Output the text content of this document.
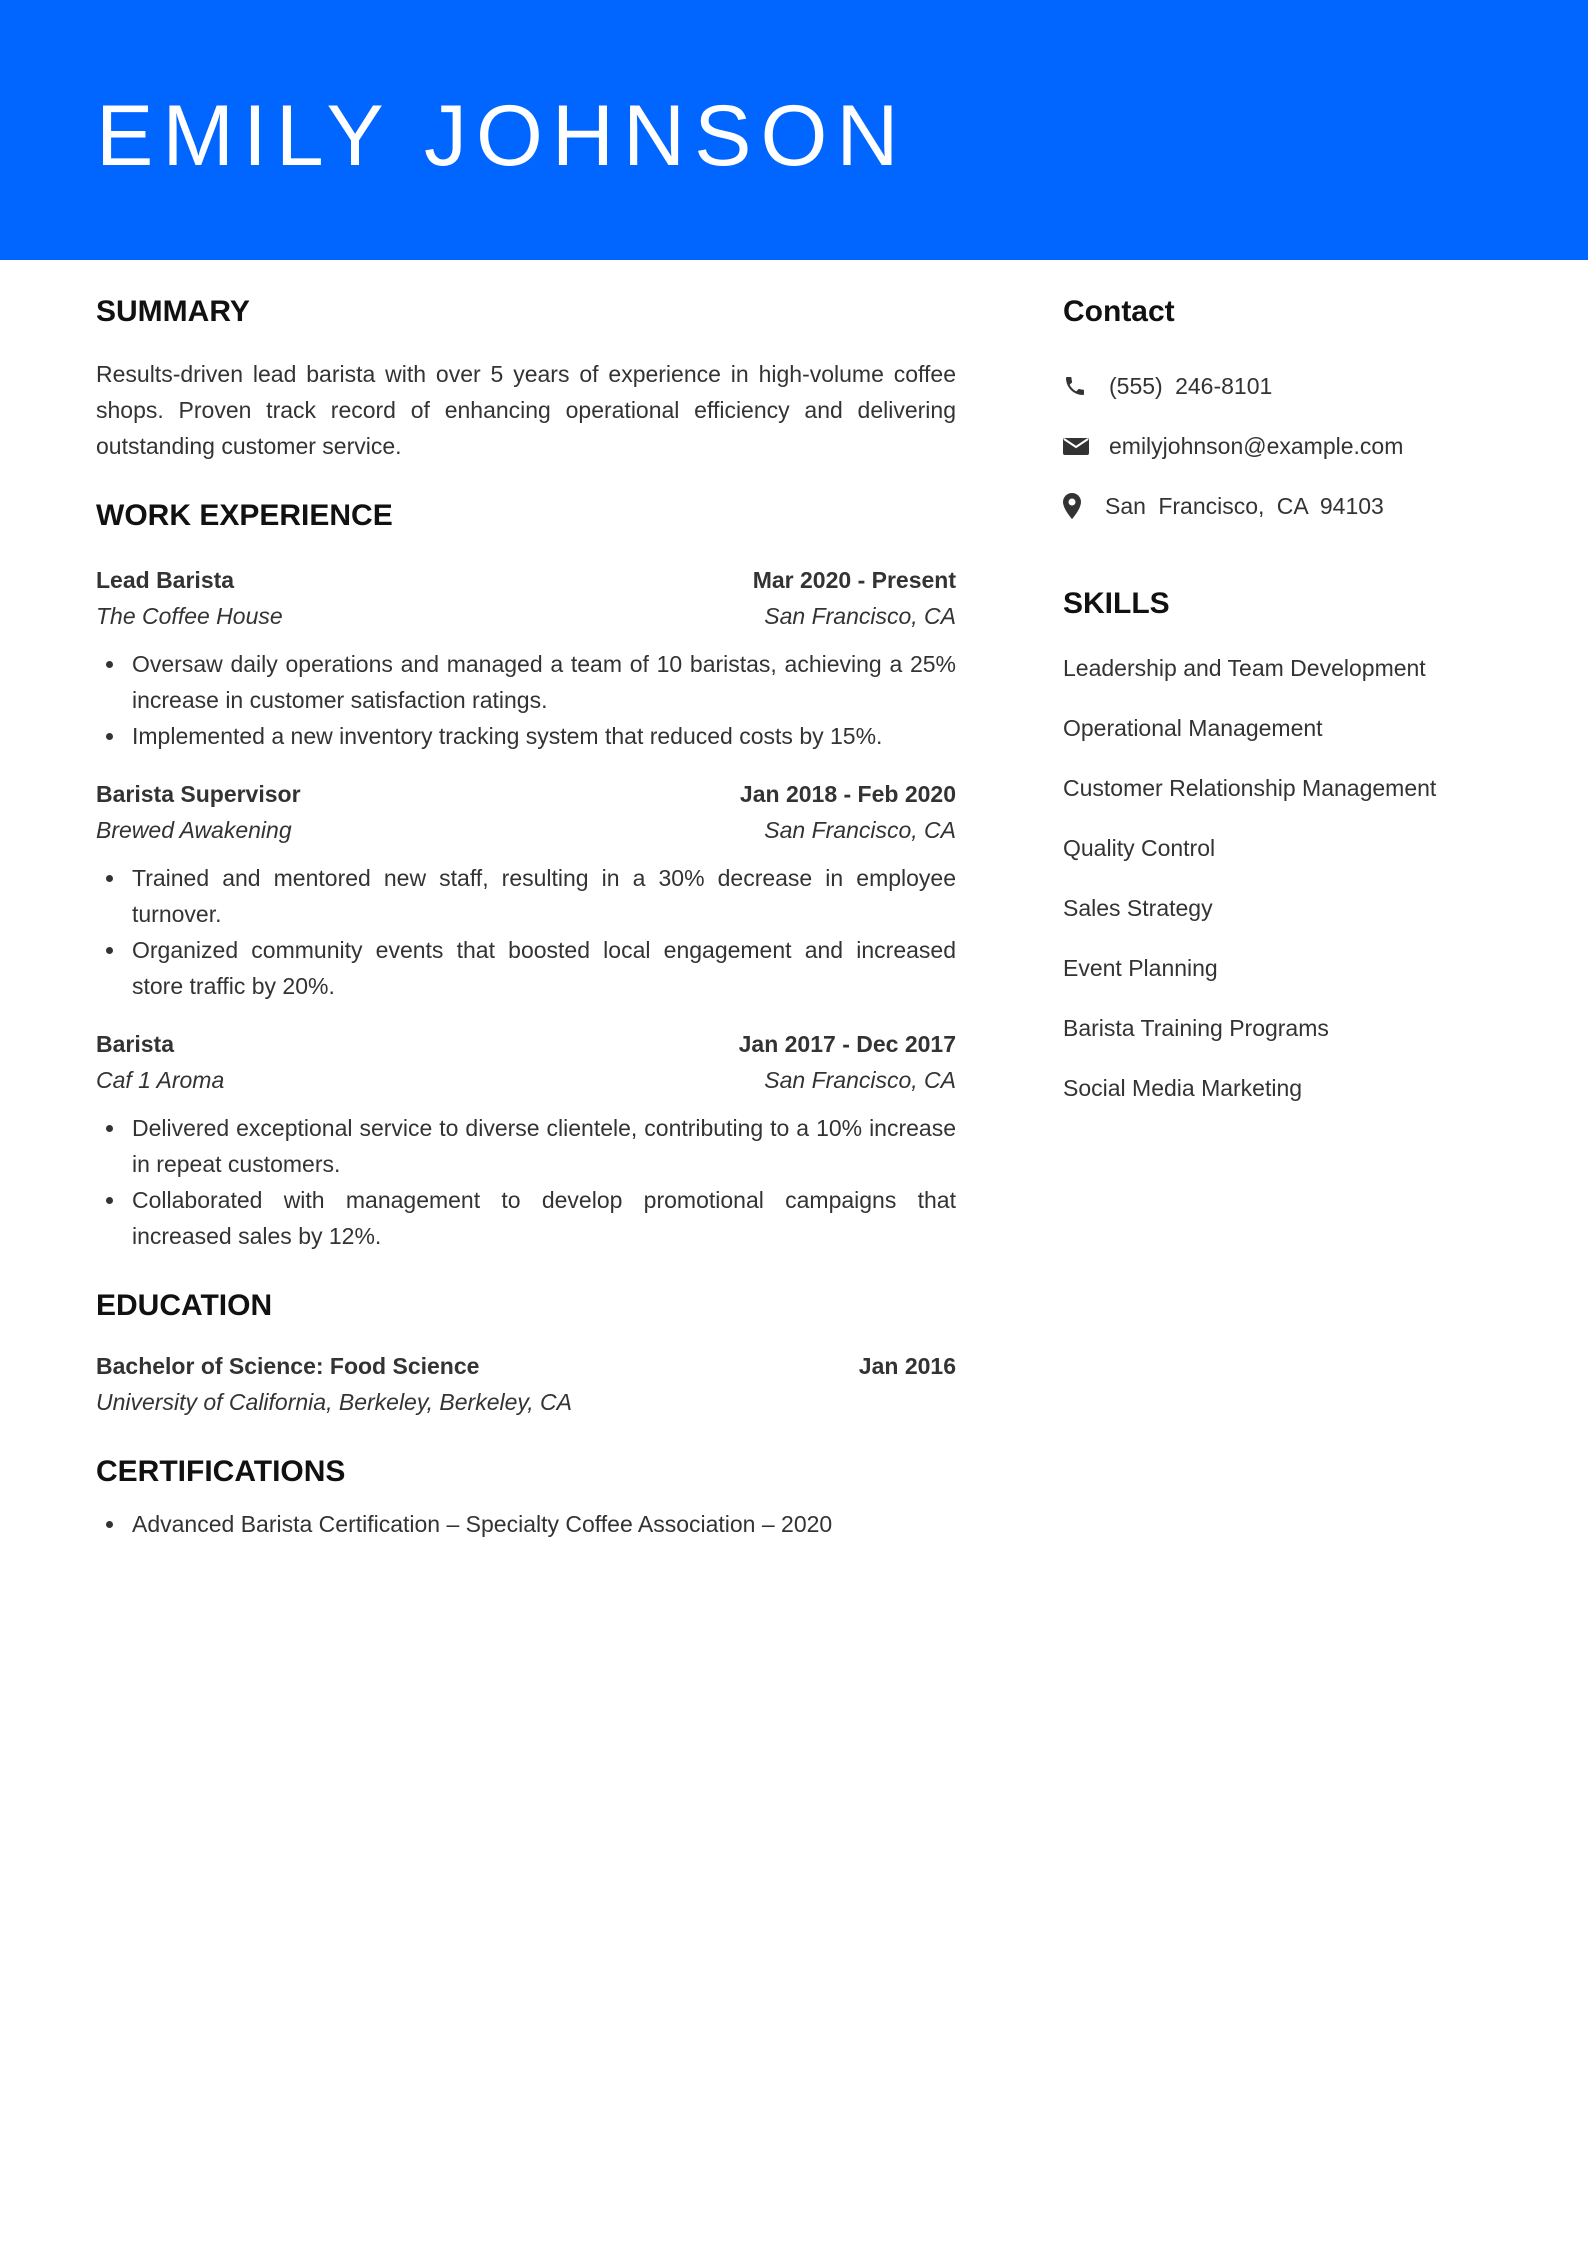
EMILY JOHNSON
SUMMARY

Results-driven lead barista with over 5 years of experience in high-volume coffee shops. Proven track record of enhancing operational efficiency and delivering outstanding customer service.

WORK EXPERIENCE
Lead Barista	Mar 2020 - Present
The Coffee House	San Francisco, CA
Oversaw daily operations and managed a team of 10 baristas, achieving a 25% increase in customer satisfaction ratings.
Implemented a new inventory tracking system that reduced costs by 15%.
Barista Supervisor	Jan 2018 - Feb 2020
Brewed Awakening	San Francisco, CA
Trained and mentored new staff, resulting in a 30% decrease in employee turnover.
Organized community events that boosted local engagement and increased store traffic by 20%.
Barista	Jan 2017 - Dec 2017
Caf 1 Aroma	San Francisco, CA
Delivered exceptional service to diverse clientele, contributing to a 10% increase in repeat customers.
Collaborated with management to develop promotional campaigns that increased sales by 12%.
EDUCATION
Bachelor of Science: Food Science	Jan 2016
University of California, Berkeley, Berkeley, CA
CERTIFICATIONS
Advanced Barista Certification – Specialty Coffee Association – 2020
Contact
(555) 246-8101
emilyjohnson@example.com
San Francisco, CA 94103
SKILLS
Leadership and Team Development
Operational Management
Customer Relationship Management
Quality Control
Sales Strategy
Event Planning
Barista Training Programs
Social Media Marketing
